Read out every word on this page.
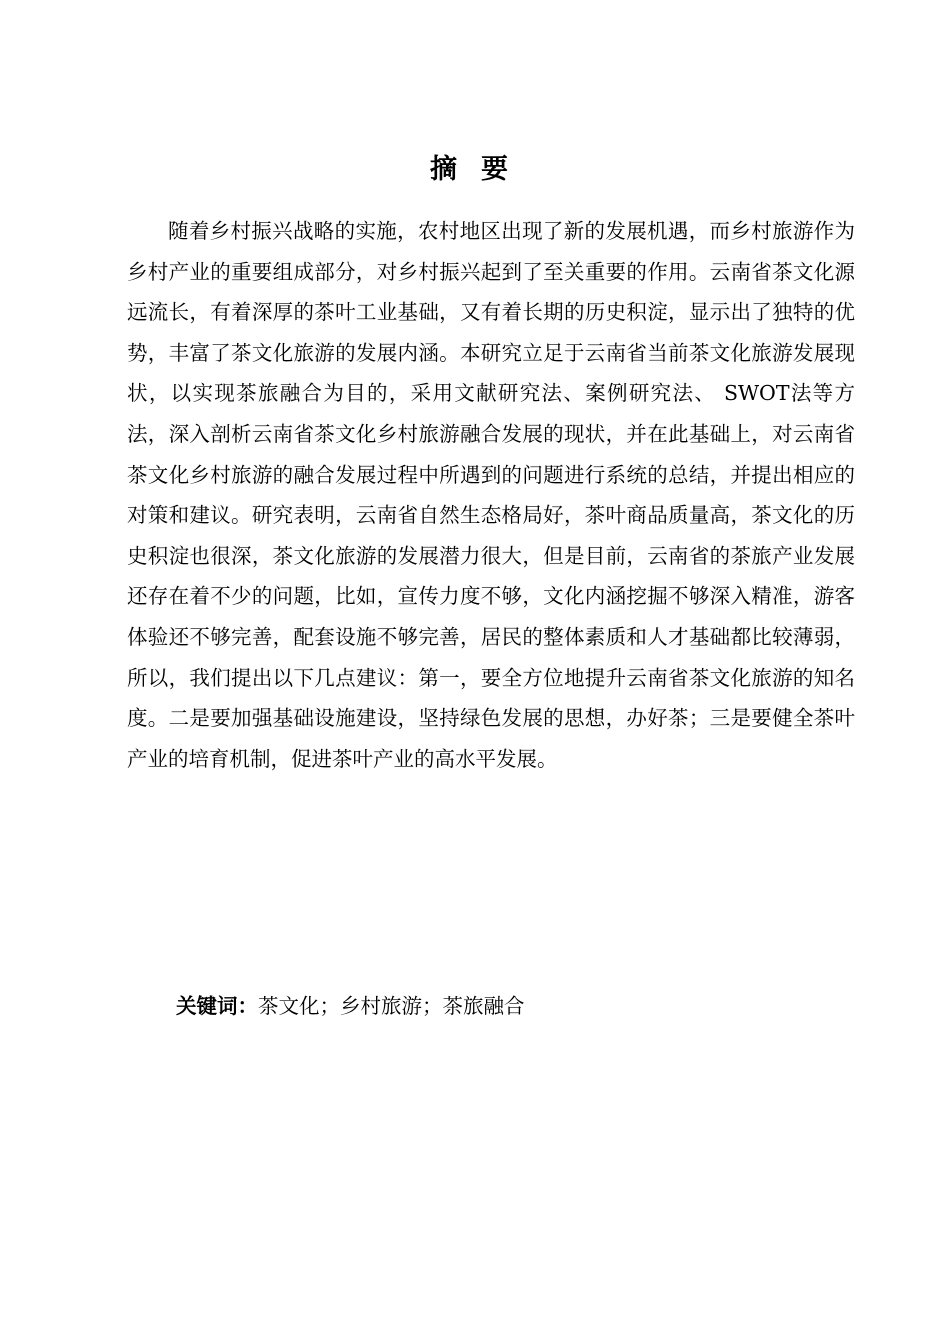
摘要

随着乡村振兴战略的实施，农村地区出现了新的发展机遇，而乡村旅游作为乡村产业的重要组成部分，对乡村振兴起到了至关重要的作用。云南省茶文化源远流长，有着深厚的茶叶工业基础，又有着长期的历史积淀，显示出了独特的优势，丰富了茶文化旅游的发展内涵。本研究立足于云南省当前茶文化旅游发展现状，以实现茶旅融合为目的，采用文献研究法、案例研究法、 SWOT法等方法，深入剖析云南省茶文化乡村旅游融合发展的现状，并在此基础上，对云南省茶文化乡村旅游的融合发展过程中所遇到的问题进行系统的总结，并提出相应的对策和建议。研究表明，云南省自然生态格局好，茶叶商品质量高，茶文化的历史积淀也很深，茶文化旅游的发展潜力很大，但是目前，云南省的茶旅产业发展还存在着不少的问题，比如，宣传力度不够，文化内涵挖掘不够深入精准，游客体验还不够完善，配套设施不够完善，居民的整体素质和人才基础都比较薄弱，所以，我们提出以下几点建议：第一，要全方位地提升云南省茶文化旅游的知名度。二是要加强基础设施建设，坚持绿色发展的思想，办好茶；三是要健全茶叶产业的培育机制，促进茶叶产业的高水平发展。

关键词：茶文化；乡村旅游；茶旅融合
